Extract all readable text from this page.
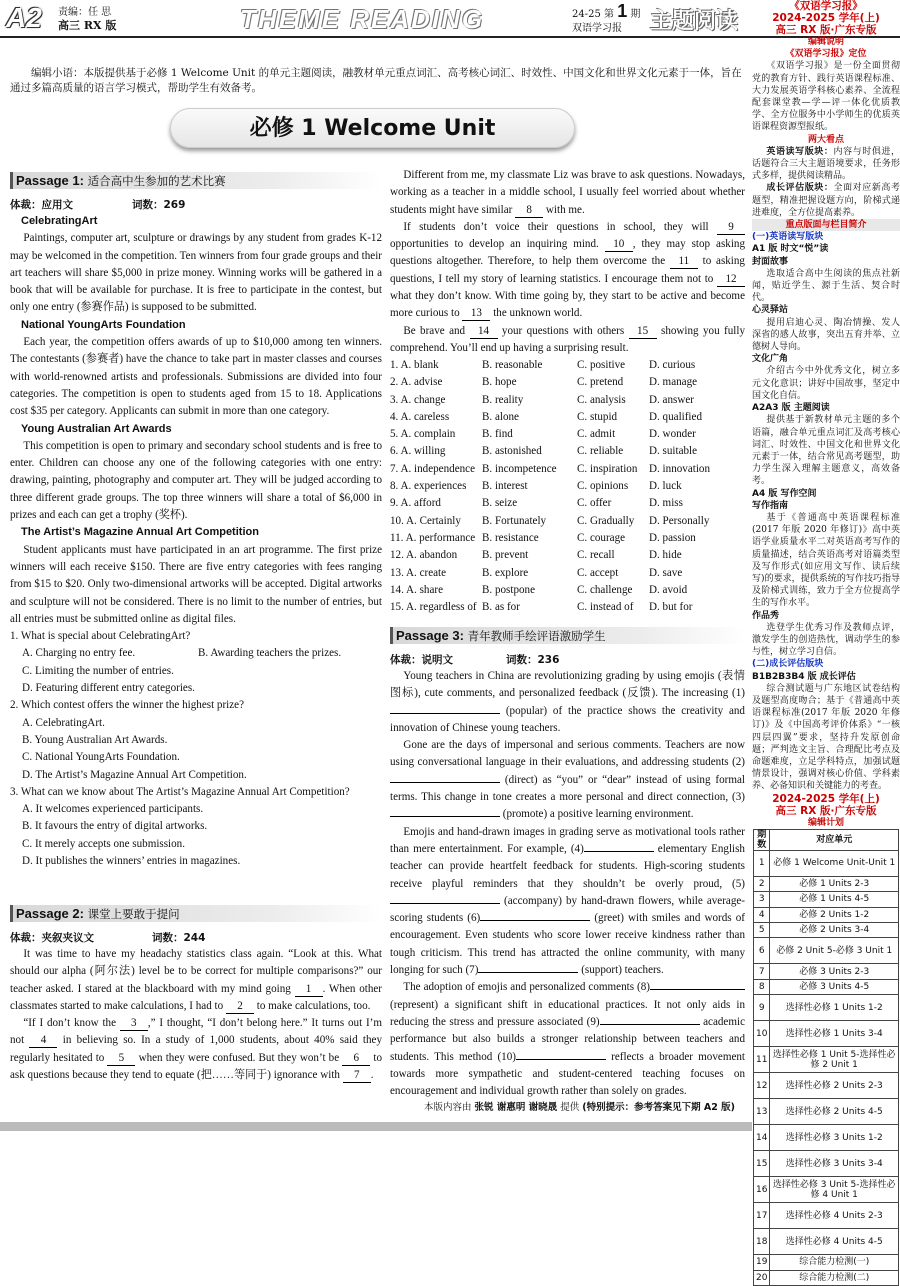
A2 责编：任 思
高三 RX 版	THEME READING	24-25 第 1 期
双语学习报	主题阅读
编辑小语：本版提供基于必修 1 Welcome Unit 的单元主题阅读，融教材单元重点词汇、高考核心词汇、时效性、中国文化和世界文化元素于一体，旨在通过多篇高质量的语言学习模式，帮助学生有效备考。
必修 1 Welcome Unit
Passage 1: 适合高中生参加的艺术比赛
体裁：应用文	词数：269

CelebratingArt

Paintings, computer art, sculpture or drawings by any student from grades K-12 may be welcomed in the competition. Ten winners from four grade groups and their art teachers will share $5,000 in prize money. Winning works will be gathered in a book that will be available for purchase. It is free to participate in the contest, but only one entry (参赛作品) is supposed to be submitted.

National YoungArts Foundation

Each year, the competition offers awards of up to $10,000 among ten winners. The contestants (参赛者) have the chance to take part in master classes and courses with world-renowned artists and professionals. Submissions are divided into four categories. The competition is open to students aged from 15 to 18. Applications cost $35 per category. Applicants can submit in more than one category.

Young Australian Art Awards

This competition is open to primary and secondary school students and is free to enter. Children can choose any one of the following categories with one entry: drawing, painting, photography and computer art. They will be judged according to three different grade groups. The top three winners will share a total of $6,000 in prizes and each can get a trophy (奖杯).

The Artist’s Magazine Annual Art Competition

Student applicants must have participated in an art programme. The first prize winners will each receive $150. There are five entry categories with fees ranging from $15 to $20. Only two-dimensional artworks will be accepted. Digital artworks and sculpture will not be considered. There is no limit to the number of entries, but all entries must be submitted online as digital files.

1. What is special about CelebratingArt?

A. Charging no entry fee.	B. Awarding teachers the prizes.

C. Limiting the number of entries.

D. Featuring different entry categories.

2. Which contest offers the winner the highest prize?

A. CelebratingArt.

B. Young Australian Art Awards.

C. National YoungArts Foundation.

D. The Artist’s Magazine Annual Art Competition.

3. What can we know about The Artist’s Magazine Annual Art Competition?

A. It welcomes experienced participants.

B. It favours the entry of digital artworks.

C. It merely accepts one submission.

D. It publishes the winners’ entries in magazines.

Passage 2: 课堂上要敢于提问
体裁：夹叙夹议文	词数：244

It was time to have my headachy statistics class again. “Look at this. What should our alpha (阿尔法) level be to be correct for multiple comparisons?” our teacher asked. I stared at the blackboard with my mind going 1 . When other classmates started to make calculations, I had to 2 to make calculations, too.

“If I don’t know the 3 ,” I thought, “I don’t belong here.” It turns out I’m not 4 in believing so. In a study of 1,000 students, about 40% said they regularly hesitated to 5 when they were confused. But they won’t be 6 to ask questions because they tend to equate (把……等同于) ignorance with 7 .

Different from me, my classmate Liz was brave to ask questions. Nowadays, working as a teacher in a middle school, I usually feel worried about whether students might have similar 8 with me.

If students don’t voice their questions in school, they will 9 opportunities to develop an inquiring mind. 10 , they may stop asking questions altogether. Therefore, to help them overcome the 11 to asking questions, I tell my story of learning statistics. I encourage them not to 12 what they don’t know. With time going by, they start to be active and become more curious to 13 the unknown world.

Be brave and 14 your questions with others 15 showing you fully comprehend. You’ll end up having a surprising result.

1. A. blank	B. reasonable	C. positive	D. curious
2. A. advise	B. hope	C. pretend	D. manage
3. A. change	B. reality	C. analysis	D. answer
4. A. careless	B. alone	C. stupid	D. qualified
5. A. complain	B. find	C. admit	D. wonder
6. A. willing	B. astonished	C. reliable	D. suitable
7. A. independence B. incompetence	C. inspiration	D. innovation
8. A. experiences	B. interest	C. opinions	D. luck
9. A. afford	B. seize	C. offer	D. miss
10. A. Certainly	B. Fortunately	C. Gradually	D. Personally
11. A. performance B. resistance	C. courage	D. passion
12. A. abandon	B. prevent	C. recall	D. hide
13. A. create	B. explore	C. accept	D. save
14. A. share	B. postpone	C. challenge	D. avoid
15. A. regardless of B. as for	C. instead of	D. but for
Passage 3: 青年教师手绘评语激励学生
体裁：说明文	词数：236

Young teachers in China are revolutionizing grading by using emojis (表情图标), cute comments, and personalized feedback (反馈). The increasing (1) (popular) of the practice shows the creativity and innovation of Chinese young teachers.

Gone are the days of impersonal and serious comments. Teachers are now using conversational language in their evaluations, and addressing students (2) (direct) as “you” or “dear” instead of using formal terms. This change in tone creates a more personal and direct connection, (3) (promote) a positive learning environment.

Emojis and hand-drawn images in grading serve as motivational tools rather than mere entertainment. For example, (4)	elementary English teacher can provide heartfelt feedback for students. High-scoring students receive playful reminders that they shouldn’t be overly proud, (5) (accompany) by hand-drawn flowers, while average-scoring students (6)	(greet) with smiles and words of encouragement. Even students who score lower receive kindness rather than tough criticism. This trend has attracted the online community, with many longing for such (7)	(support) teachers.

The adoption of emojis and personalized comments (8) (represent) a significant shift in educational practices. It not only aids in reducing the stress and pressure associated (9)	academic performance but also builds a stronger relationship between teachers and students. This method (10)	reflects a broader movement towards more sympathetic and student-centered teaching focuses on encouragement and individual growth rather than solely on grades.

本版内容由 张锐 谢惠明 谢晓晟 提供 (特别提示：参考答案见下期 A2 版)
《双语学习报》
2024-2025 学年(上)
高三 RX 版·广东专版
编辑说明
《双语学习报》定位
《双语学习报》是一份全面贯彻党的教育方针、践行英语课程标准、大力发展英语学科核心素养、全流程配套课堂教—学—评一体化优质教学、全方位服务中小学师生的优质英语课程资源型报纸。
两大看点
英语读写版块：内容与时俱进，话题符合三大主题语境要求，任务形式多样，提供阅读精品。
成长评估版块：全面对应新高考题型，精准把握设题方向，阶梯式递进难度，全方位提高素养。
重点版面与栏目简介
(一)英语读写版块
A1 版 时文“悦”读
封面故事
选取适合高中生阅读的焦点社新闻，贴近学生、源于生活、契合时代。
心灵驿站
提用启迪心灵、陶冶情操、发人深省的感人故事，突出五育并举、立德树人导向。
文化广角
介绍古今中外优秀文化，树立多元文化意识；讲好中国故事，坚定中国文化自信。
A2A3 版 主题阅读
提供基于新教材单元主题的多个语篇，融合单元重点词汇及高考核心词汇、时效性、中国文化和世界文化元素于一体，结合常见高考题型，助力学生深入理解主题意义，高效备考。
A4 版 写作空间
写作指南
基于《普通高中英语课程标准(2017 年版 2020 年修订)》高中英语学业质量水平二对英语高考写作的质量描述，结合英语高考对语篇类型及写作形式(如应用文写作、读后续写)的要求，提供系统的写作技巧指导及阶梯式训练，致力于全方位提高学生的写作水平。
作品秀
选登学生优秀习作及教师点评，激发学生的创造热忱，调动学生的参与性，树立学习自信。
(二)成长评估版块
B1B2B3B4 版 成长评估
综合测试题与广东地区试卷结构及题型高度吻合；基于《普通高中英语课程标准(2017 年版 2020 年修订)》及《中国高考评价体系》“一核四层四翼”要求，坚持升发原创命题；严判选文主旨、合理配比考点及命题难度，立足学科特点，加强试题情景设计，强调对核心价值、学科素养、必备知识和关键能力的考查。
2024-2025 学年(上)
高三 RX 版·广东专版
编辑计划
期数	对应单元
1	必修 1 Welcome Unit-Unit 1
2	必修 1 Units 2-3
3	必修 1 Units 4-5
4	必修 2 Units 1-2
5	必修 2 Units 3-4
6	必修 2 Unit 5-必修 3 Unit 1
7	必修 3 Units 2-3
8	必修 3 Units 4-5
9	选择性必修 1 Units 1-2
10	选择性必修 1 Units 3-4
11	选择性必修 1 Unit 5-选择性必修 2 Unit 1
12	选择性必修 2 Units 2-3
13	选择性必修 2 Units 4-5
14	选择性必修 3 Units 1-2
15	选择性必修 3 Units 3-4
16	选择性必修 3 Unit 5-选择性必修 4 Unit 1
17	选择性必修 4 Units 2-3
18	选择性必修 4 Units 4-5
19	综合能力检测(一)
20	综合能力检测(二)
